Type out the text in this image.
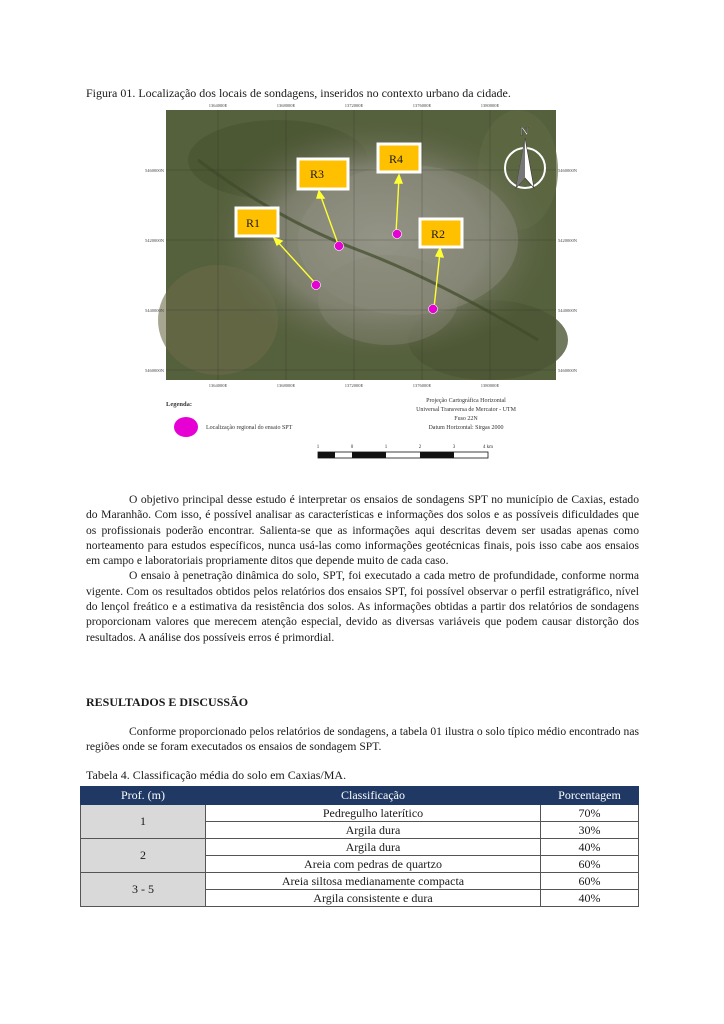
Figura 01. Localização dos locais de sondagens, inseridos no contexto urbano da cidade.
1364000E
1364000E
1368000E
1368000E
1372000E
1372000E
1376000E
1376000E
1380000E
1380000E
5460000N	5460000N
5420000N	5420000N
5440000N	5440000N
5460000N	5460000N
N
R1
R3
R4
R2
Legenda:
Localização regional do ensaio SPT
Projeção Cartográfica Horizontal
Universal Transversa de Mercator - UTM
Fuso 22N
Datum Horizontal: Sirgas 2000
1	0	1	2	3	4 km

O objetivo principal desse estudo é interpretar os ensaios de sondagens SPT no município de Caxias, estado do Maranhão. Com isso, é possível analisar as características e informações dos solos e as possíveis dificuldades que os profissionais poderão encontrar. Salienta-se que as informações aqui descritas devem ser usadas apenas como norteamento para estudos específicos, nunca usá-las como informações geotécnicas finais, pois isso cabe aos ensaios em campo e laboratoriais propriamente ditos que depende muito de cada caso.

O ensaio à penetração dinâmica do solo, SPT, foi executado a cada metro de profundidade, conforme norma vigente. Com os resultados obtidos pelos relatórios dos ensaios SPT, foi possível observar o perfil estratigráfico, nível do lençol freático e a estimativa da resistência dos solos. As informações obtidas a partir dos relatórios de sondagens proporcionam valores que merecem atenção especial, devido as diversas variáveis que podem causar distorção dos resultados. A análise dos possíveis erros é primordial.

RESULTADOS E DISCUSSÃO

Conforme proporcionado pelos relatórios de sondagens, a tabela 01 ilustra o solo típico médio encontrado nas regiões onde se foram executados os ensaios de sondagem SPT.

Tabela 4. Classificação média do solo em Caxias/MA.
Prof. (m)	Classificação	Porcentagem
1	Pedregulho laterítico	70%
	Argila dura	30%
2	Argila dura	40%
	Areia com pedras de quartzo	60%
3 - 5	Areia siltosa medianamente compacta	60%
	Argila consistente e dura	40%
